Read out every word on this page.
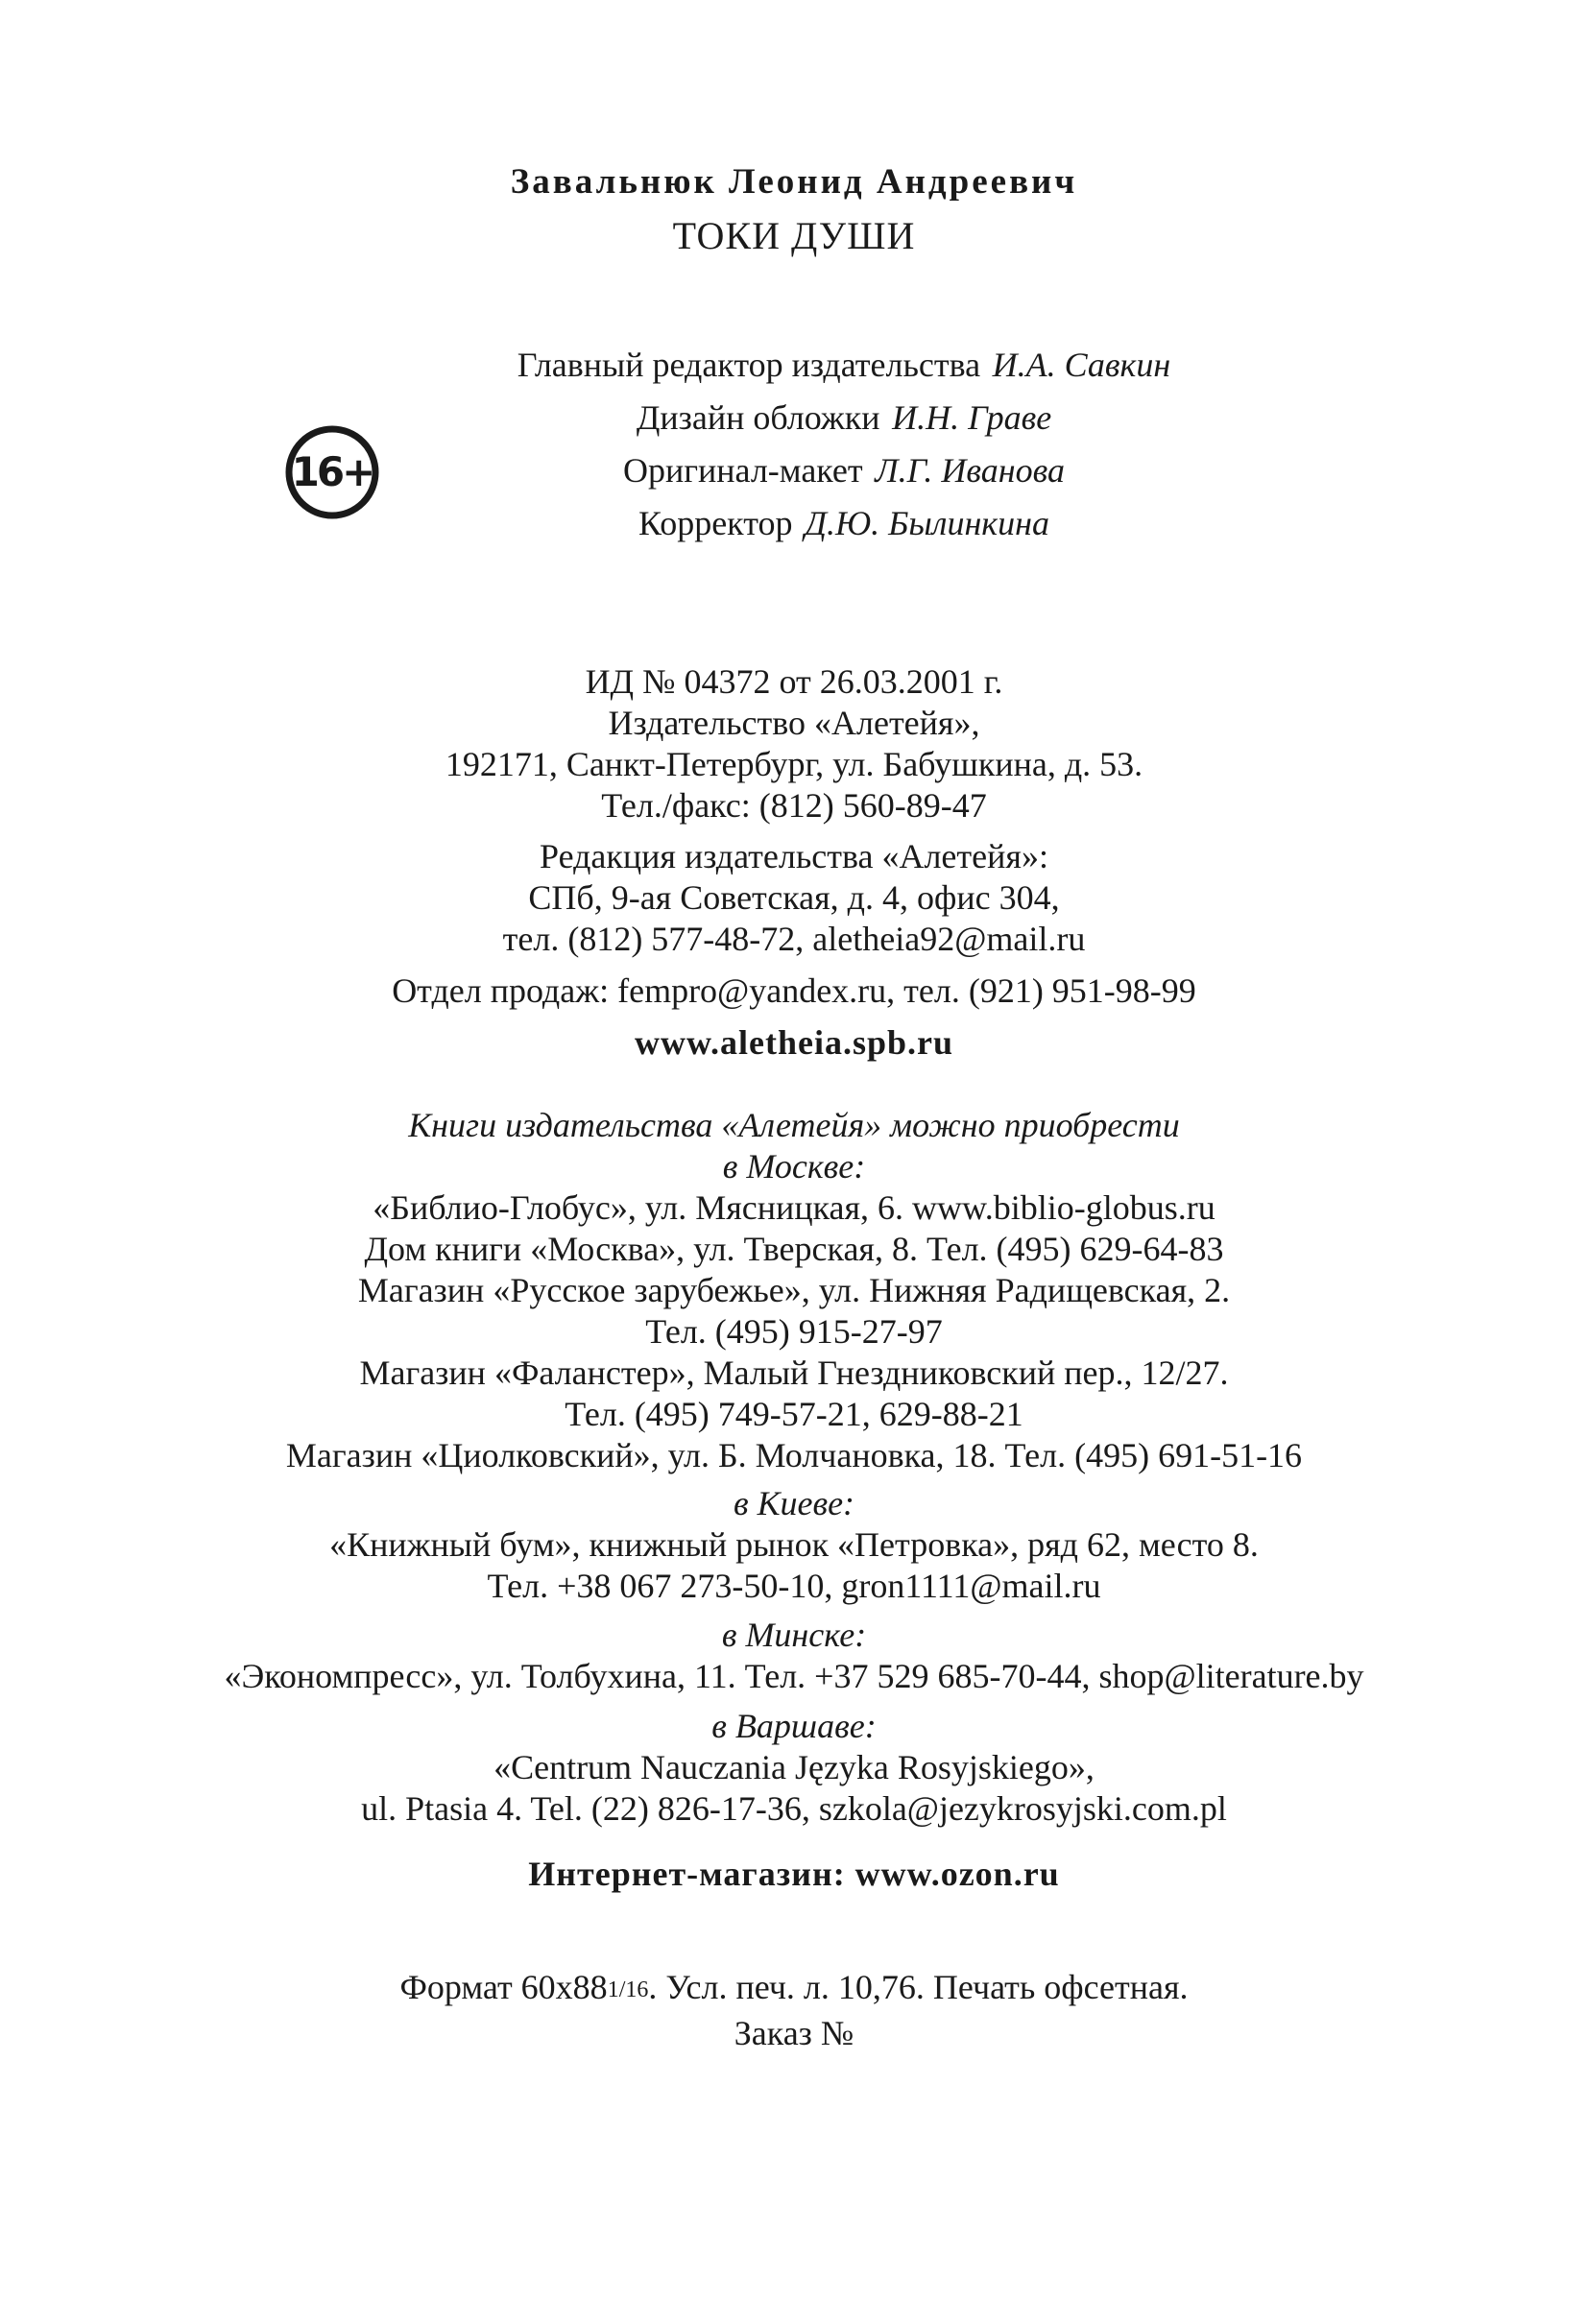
Завальнюк Леонид Андреевич
ТОКИ ДУШИ
Главный редактор издательства И.А. Савкин
Дизайн обложки И.Н. Граве
Оригинал-макет Л.Г. Иванова
Корректор Д.Ю. Былинкина
16+
ИД № 04372 от 26.03.2001 г.
Издательство «Алетейя»,
192171, Санкт-Петербург, ул. Бабушкина, д. 53.
Тел./факс: (812) 560-89-47
Редакция издательства «Алетейя»:
СПб, 9-ая Советская, д. 4, офис 304,
тел. (812) 577-48-72, aletheia92@mail.ru
Отдел продаж: fempro@yandex.ru, тел. (921) 951-98-99
www.aletheia.spb.ru
Книги издательства «Алетейя» можно приобрести
в Москве:
«Библио-Глобус», ул. Мясницкая, 6. www.biblio-globus.ru
Дом книги «Москва», ул. Тверская, 8. Тел. (495) 629-64-83
Магазин «Русское зарубежье», ул. Нижняя Радищевская, 2.
Тел. (495) 915-27-97
Магазин «Фаланстер», Малый Гнездниковский пер., 12/27.
Тел. (495) 749-57-21, 629-88-21
Магазин «Циолковский», ул. Б. Молчановка, 18. Тел. (495) 691-51-16
в Киеве:
«Книжный бум», книжный рынок «Петровка», ряд 62, место 8.
Тел. +38 067 273-50-10, gron1111@mail.ru
в Минске:
«Экономпресс», ул. Толбухина, 11. Тел. +37 529 685-70-44, shop@literature.by
в Варшаве:
«Centrum Nauczania Języka Rosyjskiego»,
ul. Ptasia 4. Tel. (22) 826-17-36, szkola@jezykrosyjski.com.pl
Интернет-магазин: www.ozon.ru
Формат 60x881/16. Усл. печ. л. 10,76. Печать офсетная.
Заказ №
